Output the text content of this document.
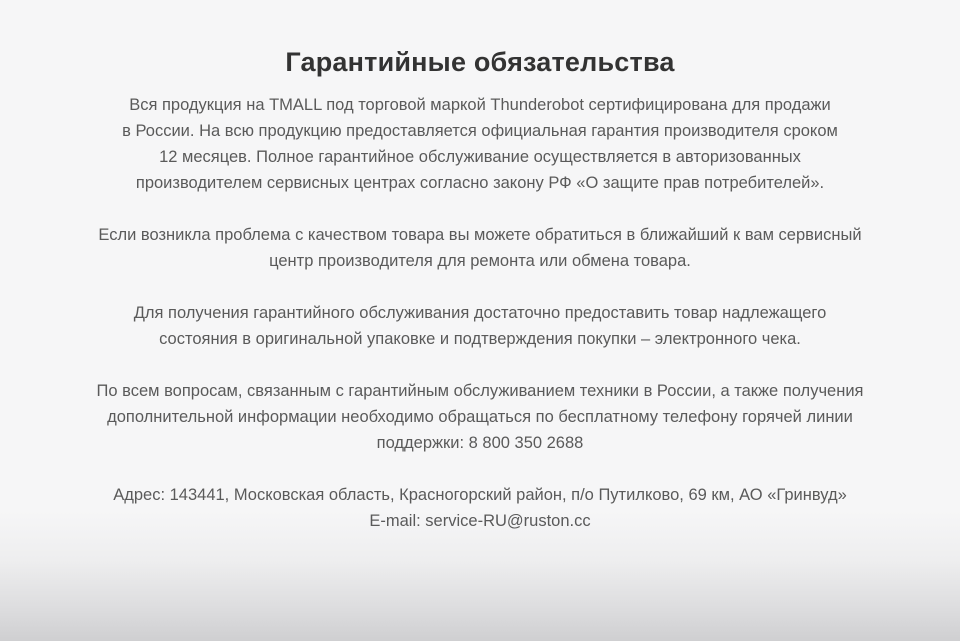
Гарантийные обязательства

Вся продукция на TMALL под торговой маркой Thunderobot сертифицирована для продажи
в России. На всю продукцию предоставляется официальная гарантия производителя сроком
12 месяцев. Полное гарантийное обслуживание осуществляется в авторизованных
производителем сервисных центрах согласно закону РФ «О защите прав потребителей».

Если возникла проблема с качеством товара вы можете обратиться в ближайший к вам сервисный
центр производителя для ремонта или обмена товара.

Для получения гарантийного обслуживания достаточно предоставить товар надлежащего
состояния в оригинальной упаковке и подтверждения покупки – электронного чека.

По всем вопросам, связанным с гарантийным обслуживанием техники в России, а также получения
дополнительной информации необходимо обращаться по бесплатному телефону горячей линии
поддержки: 8 800 350 2688

Адрес: 143441, Московская область, Красногорский район, п/о Путилково, 69 км, АО «Гринвуд»
E-mail: service-RU@ruston.cc
